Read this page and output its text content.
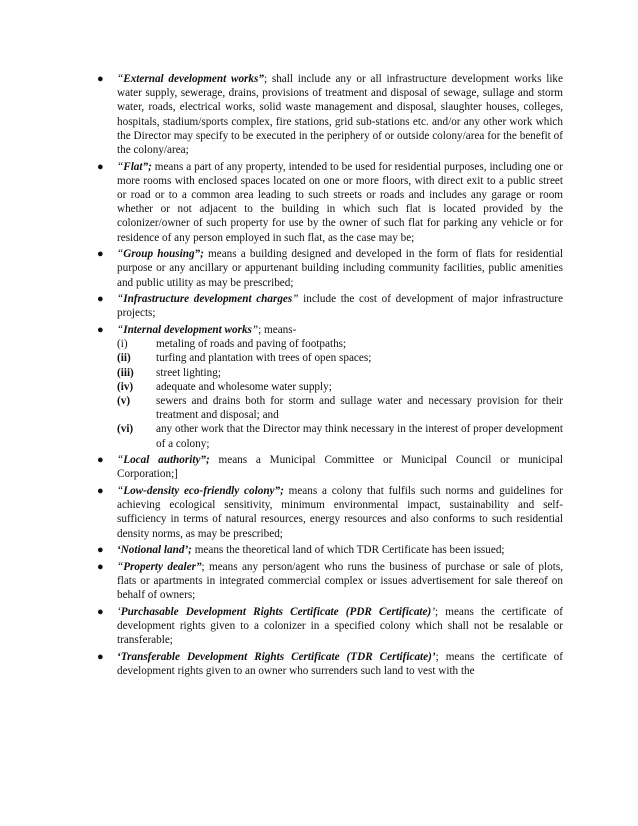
● “External development works”; shall include any or all infrastructure development works like water supply, sewerage, drains, provisions of treatment and disposal of sewage, sullage and storm water, roads, electrical works, solid waste management and disposal, slaughter houses, colleges, hospitals, stadium/sports complex, fire stations, grid sub-stations etc. and/or any other work which the Director may specify to be executed in the periphery of or outside colony/area for the benefit of the colony/area;
● “Flat”; means a part of any property, intended to be used for residential purposes, including one or more rooms with enclosed spaces located on one or more floors, with direct exit to a public street or road or to a common area leading to such streets or roads and includes any garage or room whether or not adjacent to the building in which such flat is located provided by the colonizer/owner of such property for use by the owner of such flat for parking any vehicle or for residence of any person employed in such flat, as the case may be;
● “Group housing”; means a building designed and developed in the form of flats for residential purpose or any ancillary or appurtenant building including community facilities, public amenities and public utility as may be prescribed;
● “Infrastructure development charges” include the cost of development of major infrastructure projects;
● “Internal development works”; means-
(i)	metaling of roads and paving of footpaths;
(ii) turfing and plantation with trees of open spaces;
(iii) street lighting;
(iv) adequate and wholesome water supply;
(v) sewers and drains both for storm and sullage water and necessary provision for their treatment and disposal; and
(vi) any other work that the Director may think necessary in the interest of proper development of a colony;
● “Local authority”; means a Municipal Committee or Municipal Council or municipal Corporation;]
● “Low-density eco-friendly colony”; means a colony that fulfils such norms and guidelines for achieving ecological sensitivity, minimum environmental impact, sustainability and self-sufficiency in terms of natural resources, energy resources and also conforms to such residential density norms, as may be prescribed;
● ‘Notional land’; means the theoretical land of which TDR Certificate has been issued;
● “Property dealer”; means any person/agent who runs the business of purchase or sale of plots, flats or apartments in integrated commercial complex or issues advertisement for sale thereof on behalf of owners;
● ‘Purchasable Development Rights Certificate (PDR Certificate)’; means the certificate of development rights given to a colonizer in a specified colony which shall not be resalable or transferable;
● ‘Transferable Development Rights Certificate (TDR Certificate)’; means the certificate of development rights given to an owner who surrenders such land to vest with the
